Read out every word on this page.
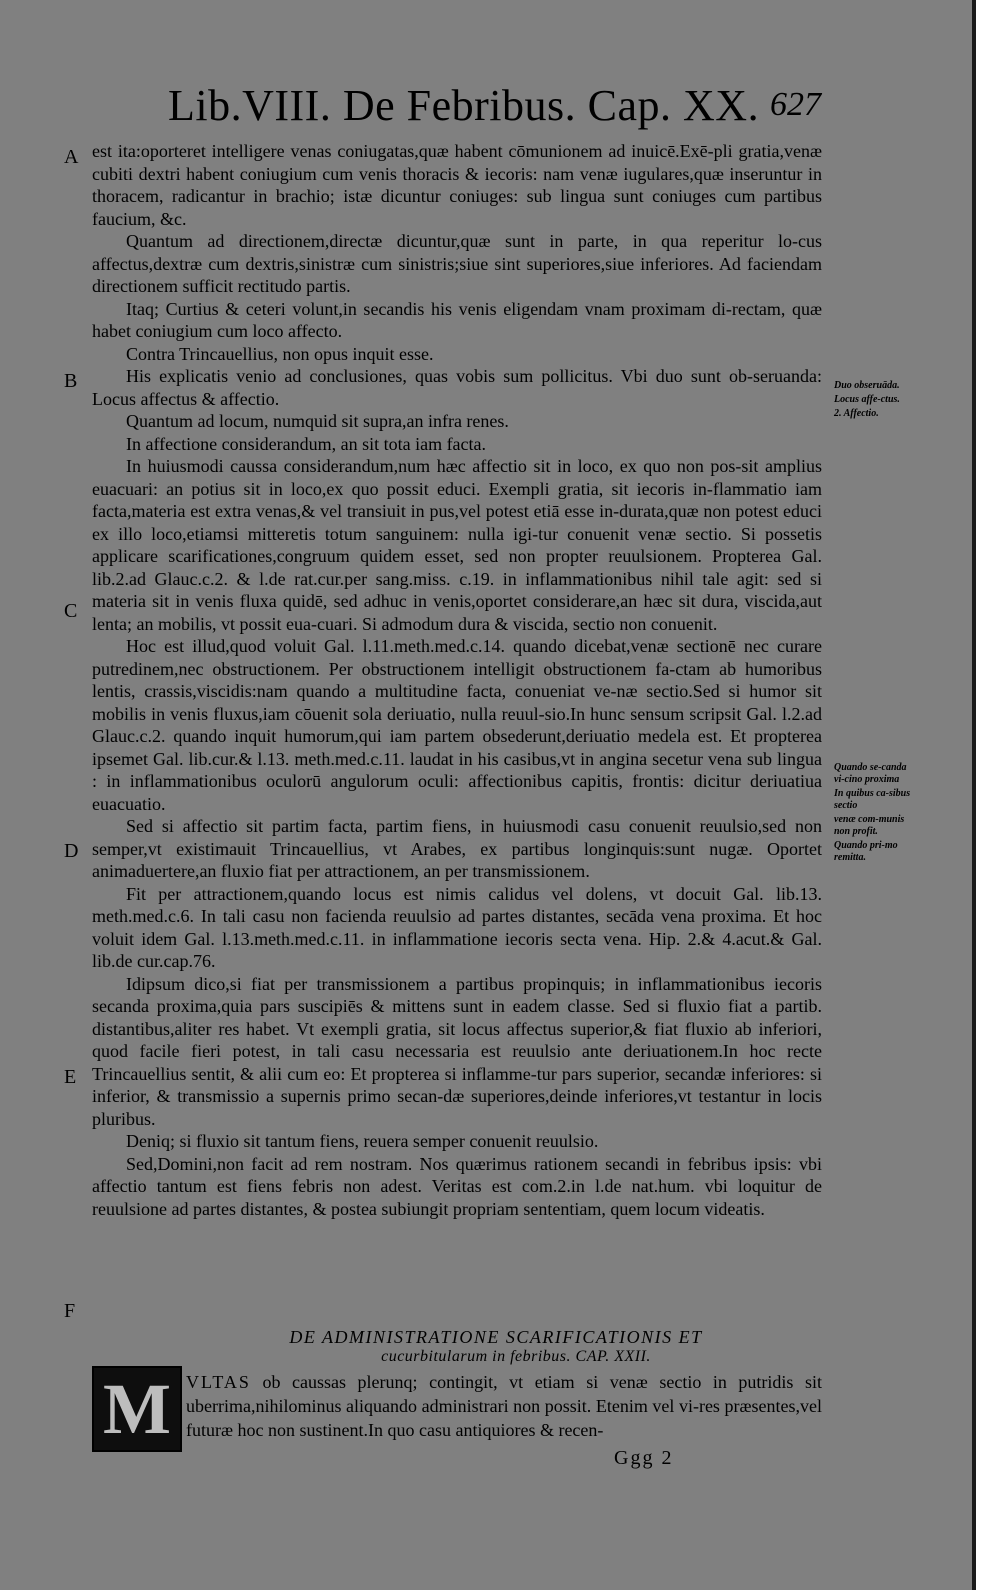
Lib.VIII. De Febribus. Cap. XX. 627
A
B
C
D
E
F

est ita:oporteret intelligere venas coniugatas,quæ habent cōmunionem ad inuicē.Exē-pli gratia,venæ cubiti dextri habent coniugium cum venis thoracis & iecoris: nam venæ iugulares,quæ inseruntur in thoracem, radicantur in brachio; istæ dicuntur coniuges: sub lingua sunt coniuges cum partibus faucium, &c.

Quantum ad directionem,directæ dicuntur,quæ sunt in parte, in qua reperitur lo-cus affectus,dextræ cum dextris,sinistræ cum sinistris;siue sint superiores,siue inferiores. Ad faciendam directionem sufficit rectitudo partis.

Itaq; Curtius & ceteri volunt,in secandis his venis eligendam vnam proximam di-rectam, quæ habet coniugium cum loco affecto.

Contra Trincauellius, non opus inquit esse.

His explicatis venio ad conclusiones, quas vobis sum pollicitus. Vbi duo sunt ob-seruanda: Locus affectus & affectio.

Quantum ad locum, numquid sit supra,an infra renes.

In affectione considerandum, an sit tota iam facta.

In huiusmodi caussa considerandum,num hæc affectio sit in loco, ex quo non pos-sit amplius euacuari: an potius sit in loco,ex quo possit educi. Exempli gratia, sit iecoris in-flammatio iam facta,materia est extra venas,& vel transiuit in pus,vel potest etiā esse in-durata,quæ non potest educi ex illo loco,etiamsi mitteretis totum sanguinem: nulla igi-tur conuenit venæ sectio. Si possetis applicare scarificationes,congruum quidem esset, sed non propter reuulsionem. Propterea Gal. lib.2.ad Glauc.c.2. & l.de rat.cur.per sang.miss. c.19. in inflammationibus nihil tale agit: sed si materia sit in venis fluxa quidē, sed adhuc in venis,oportet considerare,an hæc sit dura, viscida,aut lenta; an mobilis, vt possit eua-cuari. Si admodum dura & viscida, sectio non conuenit.

Hoc est illud,quod voluit Gal. l.11.meth.med.c.14. quando dicebat,venæ sectionē nec curare putredinem,nec obstructionem. Per obstructionem intelligit obstructionem fa-ctam ab humoribus lentis, crassis,viscidis:nam quando a multitudine facta, conueniat ve-næ sectio.Sed si humor sit mobilis in venis fluxus,iam cōuenit sola deriuatio, nulla reuul-sio.In hunc sensum scripsit Gal. l.2.ad Glauc.c.2. quando inquit humorum,qui iam partem obsederunt,deriuatio medela est. Et propterea ipsemet Gal. lib.cur.& l.13. meth.med.c.11. laudat in his casibus,vt in angina secetur vena sub lingua : in inflammationibus oculorū angulorum oculi: affectionibus capitis, frontis: dicitur deriuatiua euacuatio.

Sed si affectio sit partim facta, partim fiens, in huiusmodi casu conuenit reuulsio,sed non semper,vt existimauit Trincauellius, vt Arabes, ex partibus longinquis:sunt nugæ. Oportet animaduertere,an fluxio fiat per attractionem, an per transmissionem.

Fit per attractionem,quando locus est nimis calidus vel dolens, vt docuit Gal. lib.13. meth.med.c.6. In tali casu non facienda reuulsio ad partes distantes, secāda vena proxima. Et hoc voluit idem Gal. l.13.meth.med.c.11. in inflammatione iecoris secta vena. Hip. 2.& 4.acut.& Gal. lib.de cur.cap.76.

Idipsum dico,si fiat per transmissionem a partibus propinquis; in inflammationibus iecoris secanda proxima,quia pars suscipiēs & mittens sunt in eadem classe. Sed si fluxio fiat a partib. distantibus,aliter res habet. Vt exempli gratia, sit locus affectus superior,& fiat fluxio ab inferiori, quod facile fieri potest, in tali casu necessaria est reuulsio ante deriuationem.In hoc recte Trincauellius sentit, & alii cum eo: Et propterea si inflamme-tur pars superior, secandæ inferiores: si inferior, & transmissio a supernis primo secan-dæ superiores,deinde inferiores,vt testantur in locis pluribus.

Deniq; si fluxio sit tantum fiens, reuera semper conuenit reuulsio.

Sed,Domini,non facit ad rem nostram. Nos quærimus rationem secandi in febribus ipsis: vbi affectio tantum est fiens febris non adest. Veritas est com.2.in l.de nat.hum. vbi loquitur de reuulsione ad partes distantes, & postea subiungit propriam sententiam, quem locum videatis.

Duo obseruāda.
Locus affe-ctus.
2. Affectio.
Quando se-canda vi-cino proxima
In quibus ca-sibus sectio
venæ com-munis non profit.
Quando pri-mo remitta.
DE ADMINISTRATIONE SCARIFICATIONIS ET
cucurbitularum in febribus. CAP. XXII.
M VLTAS ob caussas plerunq; contingit, vt etiam si venæ sectio in putridis sit uberrima,nihilominus aliquando administrari non possit. Etenim vel vi-res præsentes,vel futuræ hoc non sustinent.In quo casu antiquiores & recen-
Ggg 2
